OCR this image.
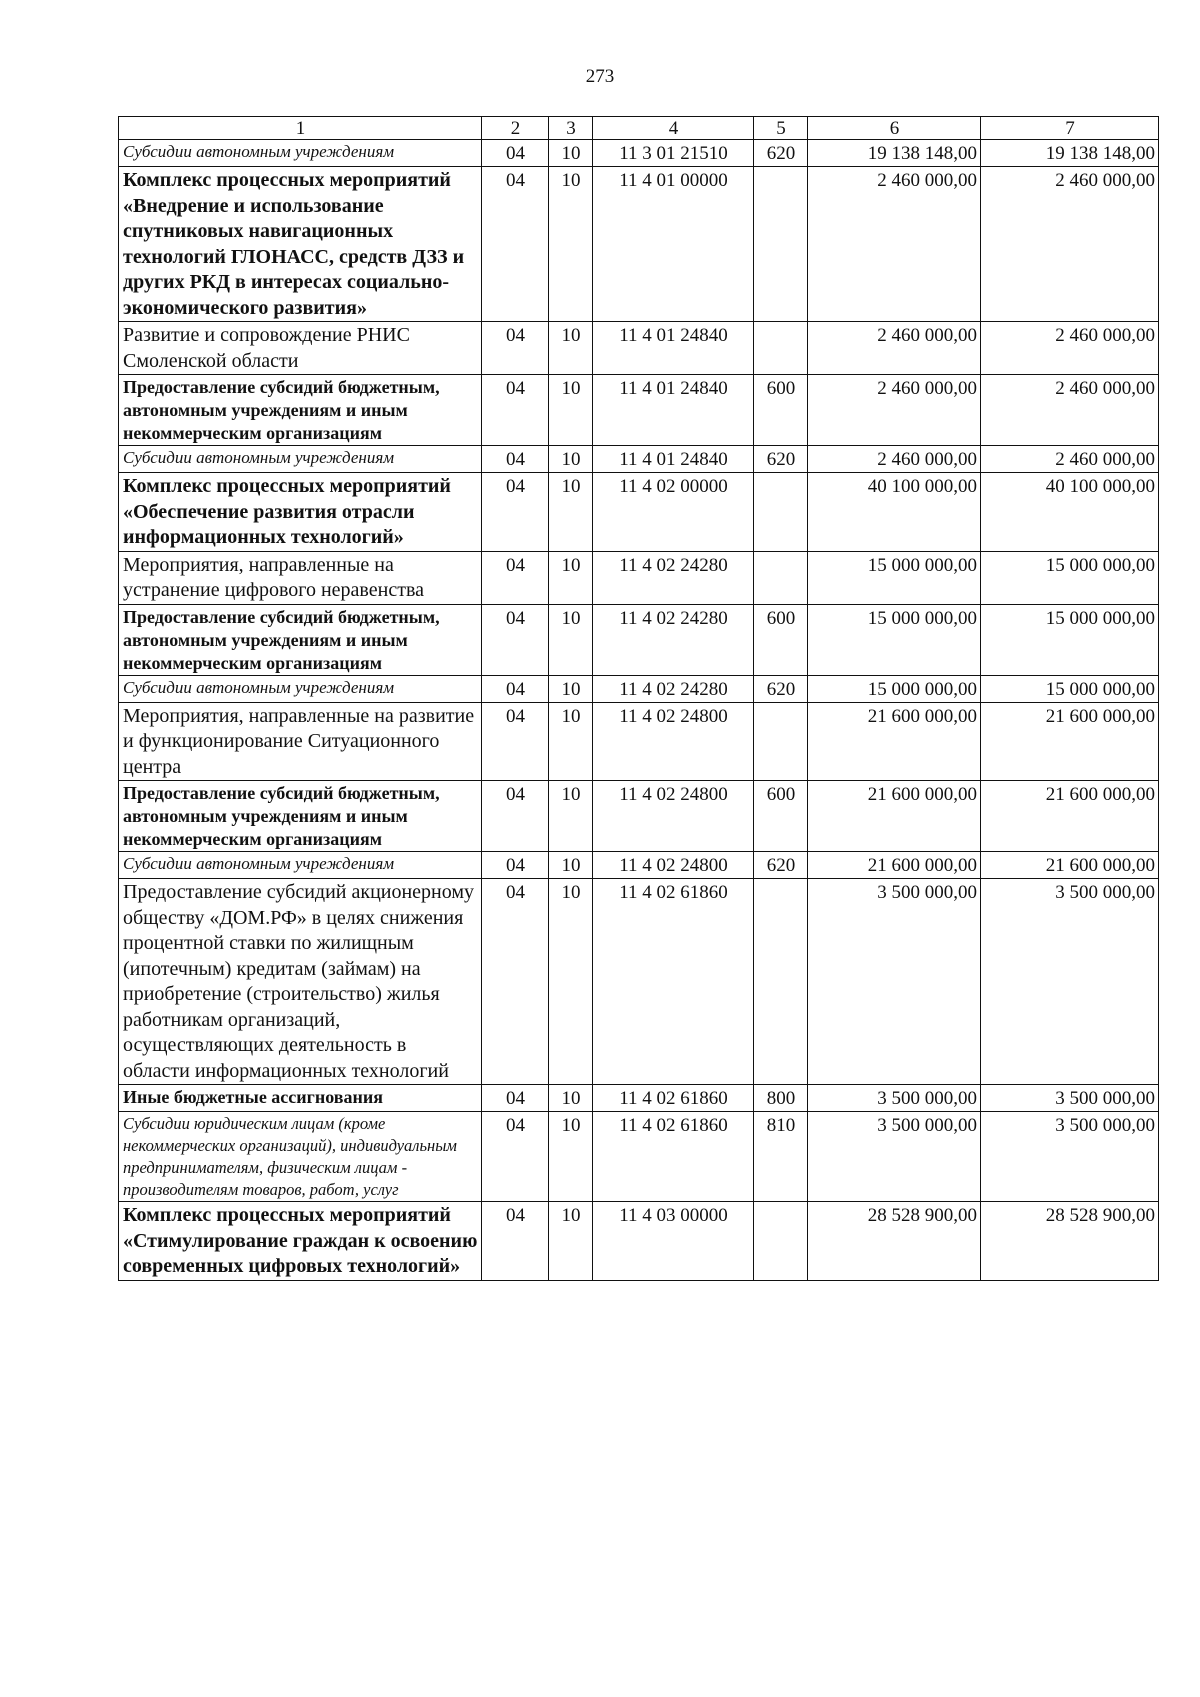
273
1	2	3	4	5	6	7
Субсидии автономным учреждениям	04	10	11 3 01 21510	620	19 138 148,00	19 138 148,00
Комплекс процессных мероприятий «Внедрение и использование спутниковых навигационных технологий ГЛОНАСС, средств ДЗЗ и других РКД в интересах социально-экономического развития»	04	10	11 4 01 00000		2 460 000,00	2 460 000,00
Развитие и сопровождение РНИС Смоленской области	04	10	11 4 01 24840		2 460 000,00	2 460 000,00
Предоставление субсидий бюджетным, автономным учреждениям и иным некоммерческим организациям	04	10	11 4 01 24840	600	2 460 000,00	2 460 000,00
Субсидии автономным учреждениям	04	10	11 4 01 24840	620	2 460 000,00	2 460 000,00
Комплекс процессных мероприятий «Обеспечение развития отрасли информационных технологий»	04	10	11 4 02 00000		40 100 000,00	40 100 000,00
Мероприятия, направленные на устранение цифрового неравенства	04	10	11 4 02 24280		15 000 000,00	15 000 000,00
Предоставление субсидий бюджетным, автономным учреждениям и иным некоммерческим организациям	04	10	11 4 02 24280	600	15 000 000,00	15 000 000,00
Субсидии автономным учреждениям	04	10	11 4 02 24280	620	15 000 000,00	15 000 000,00
Мероприятия, направленные на развитие и функционирование Ситуационного центра	04	10	11 4 02 24800		21 600 000,00	21 600 000,00
Предоставление субсидий бюджетным, автономным учреждениям и иным некоммерческим организациям	04	10	11 4 02 24800	600	21 600 000,00	21 600 000,00
Субсидии автономным учреждениям	04	10	11 4 02 24800	620	21 600 000,00	21 600 000,00
Предоставление субсидий акционерному обществу «ДОМ.РФ» в целях снижения процентной ставки по жилищным (ипотечным) кредитам (займам) на приобретение (строительство) жилья работникам организаций, осуществляющих деятельность в области информационных технологий	04	10	11 4 02 61860		3 500 000,00	3 500 000,00
Иные бюджетные ассигнования	04	10	11 4 02 61860	800	3 500 000,00	3 500 000,00
Субсидии юридическим лицам (кроме некоммерческих организаций), индивидуальным предпринимателям, физическим лицам - производителям товаров, работ, услуг	04	10	11 4 02 61860	810	3 500 000,00	3 500 000,00
Комплекс процессных мероприятий «Стимулирование граждан к освоению современных цифровых технологий»	04	10	11 4 03 00000		28 528 900,00	28 528 900,00
